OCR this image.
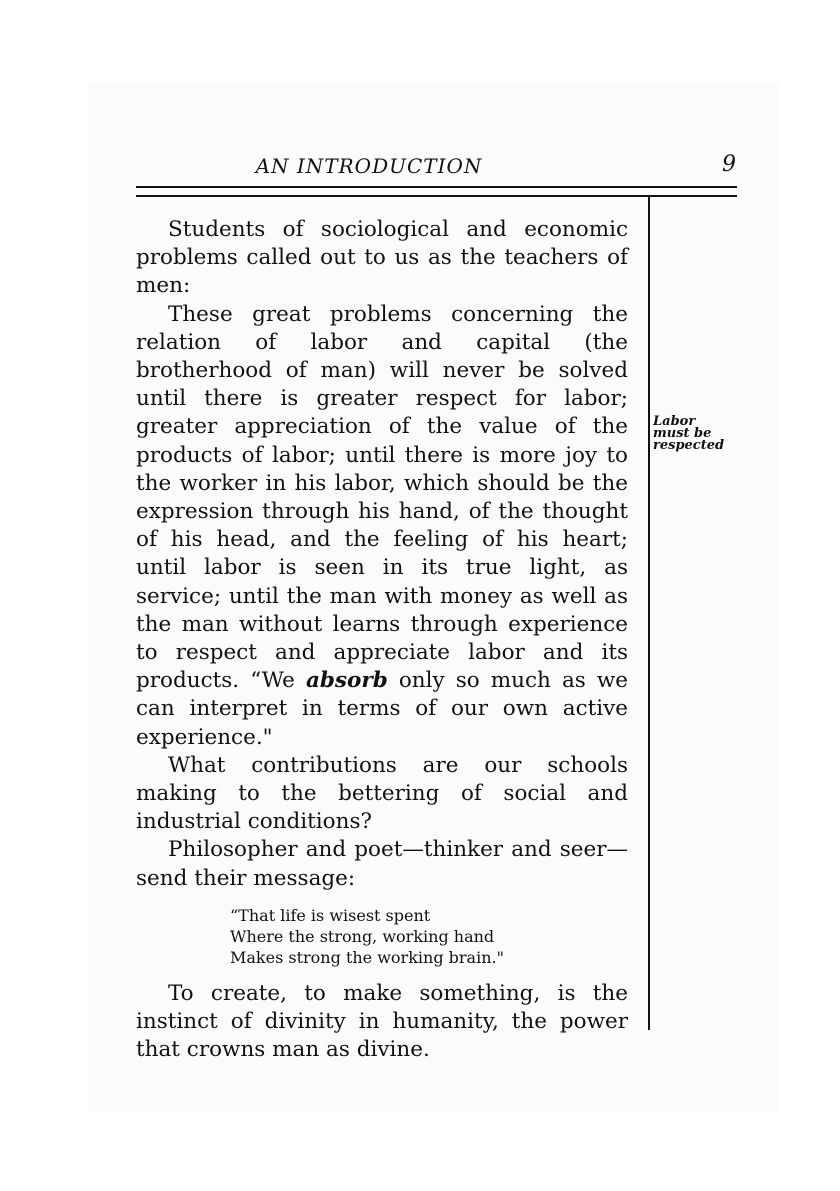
AN INTRODUCTION	9

Students of sociological and economic problems called out to us as the teachers of men:

These great problems concerning the relation of labor and capital (the brotherhood of man) will never be solved until there is greater respect for labor; greater appreciation of the value of the products of labor; until there is more joy to the worker in his labor, which should be the expression through his hand, of the thought of his head, and the feeling of his heart; until labor is seen in its true light, as service; until the man with money as well as the man without learns through experience to respect and appreciate labor and its products. “We absorb only so much as we can interpret in terms of our own active experience."

What contributions are our schools making to the bettering of social and industrial conditions?

Philosopher and poet—thinker and seer—send their message:

“That life is wisest spent
Where the strong, working hand
Makes strong the working brain."

To create, to make something, is the instinct of divinity in humanity, the power that crowns man as divine.

Labor
must be
respected
